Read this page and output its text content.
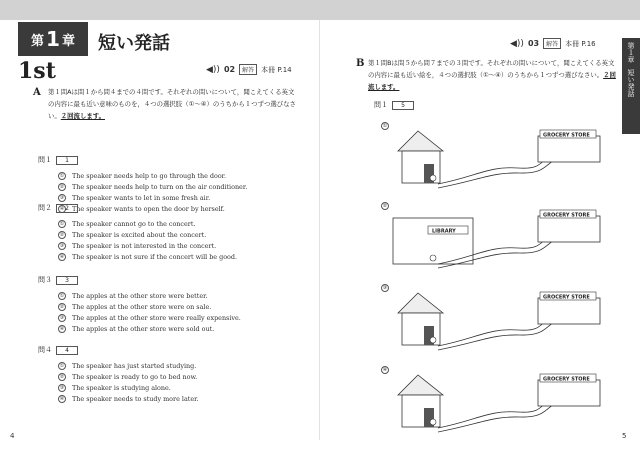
第 1 章 短い発話
1st	◀)) 02	解答	本冊 P.14
A 第１問Aは問１から問４までの４問です。それぞれの問いについて，聞こえてくる英文の内容に最も近い意味のものを，４つの選択肢（①～④）のうちから１つずつ選びなさい。２回流します。
問１	1
① The speaker needs help to go through the door.
② The speaker needs help to turn on the air conditioner.
③ The speaker wants to let in some fresh air.
④ The speaker wants to open the door by herself.
問２	2
① The speaker cannot go to the concert.
② The speaker is excited about the concert.
③ The speaker is not interested in the concert.
④ The speaker is not sure if the concert will be good.
問３	3
① The apples at the other store were better.
② The apples at the other store were on sale.
③ The apples at the other store were really expensive.
④ The apples at the other store were sold out.
問４	4
① The speaker has just started studying.
② The speaker is ready to go to bed now.
③ The speaker is studying alone.
④ The speaker needs to study more later.
◀)) 03	解答	本冊 P.16
B 第１問Bは問５から問７までの３問です。それぞれの問いについて，聞こえてくる英文の内容に最も近い絵を，４つの選択肢（①～④）のうちから１つずつ選びなさい。２回流します。
問１	5
①
GROCERY STORE
②
LIBRARY
GROCERY STORE
③
GROCERY STORE
④
GROCERY STORE
第１章
短い発話
4	5
